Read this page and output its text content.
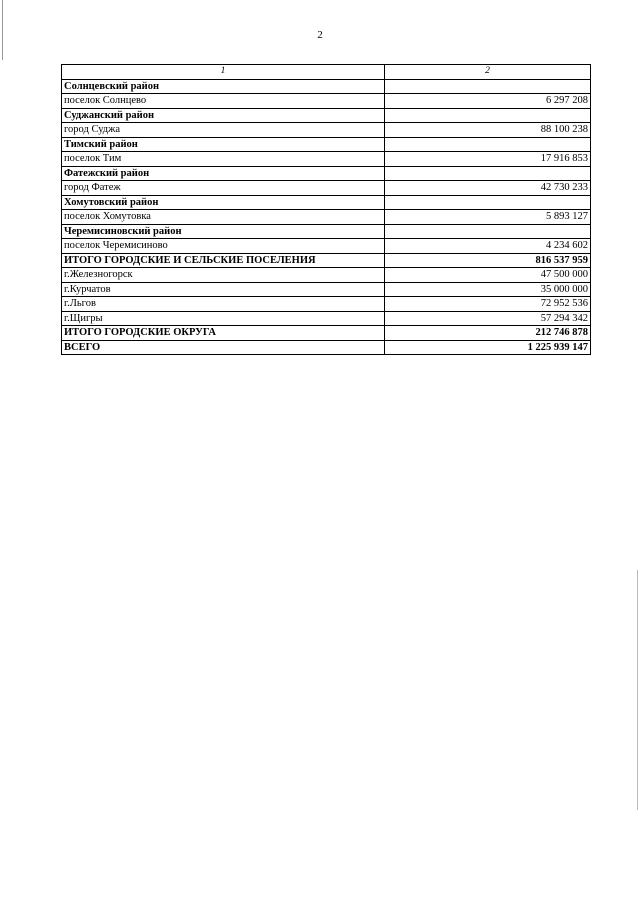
2
1	2
Солнцевский район	
поселок Солнцево	6 297 208
Суджанский район	
город Суджа	88 100 238
Тимский район	
поселок Тим	17 916 853
Фатежский район	
город Фатеж	42 730 233
Хомутовский район	
поселок Хомутовка	5 893 127
Черемисиновский район	
поселок Черемисиново	4 234 602
ИТОГО ГОРОДСКИЕ И СЕЛЬСКИЕ ПОСЕЛЕНИЯ	816 537 959
г.Железногорск	47 500 000
г.Курчатов	35 000 000
г.Льгов	72 952 536
г.Щигры	57 294 342
ИТОГО ГОРОДСКИЕ ОКРУГА	212 746 878
ВСЕГО	1 225 939 147
